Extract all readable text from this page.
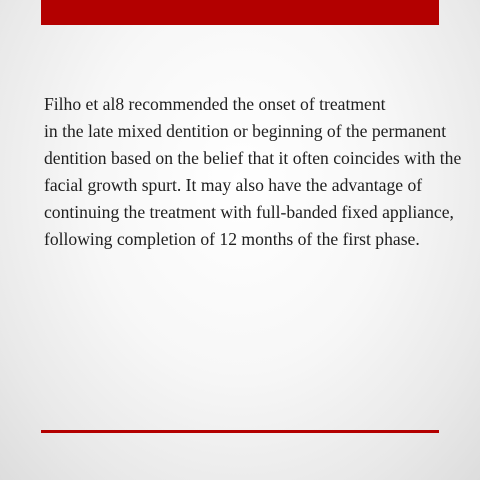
Filho et al8 recommended the onset of treatment
in the late mixed dentition or beginning of the permanent
dentition based on the belief that it often coincides with the
facial growth spurt. It may also have the advantage of
continuing the treatment with full-banded fixed appliance,
following completion of 12 months of the first phase.
